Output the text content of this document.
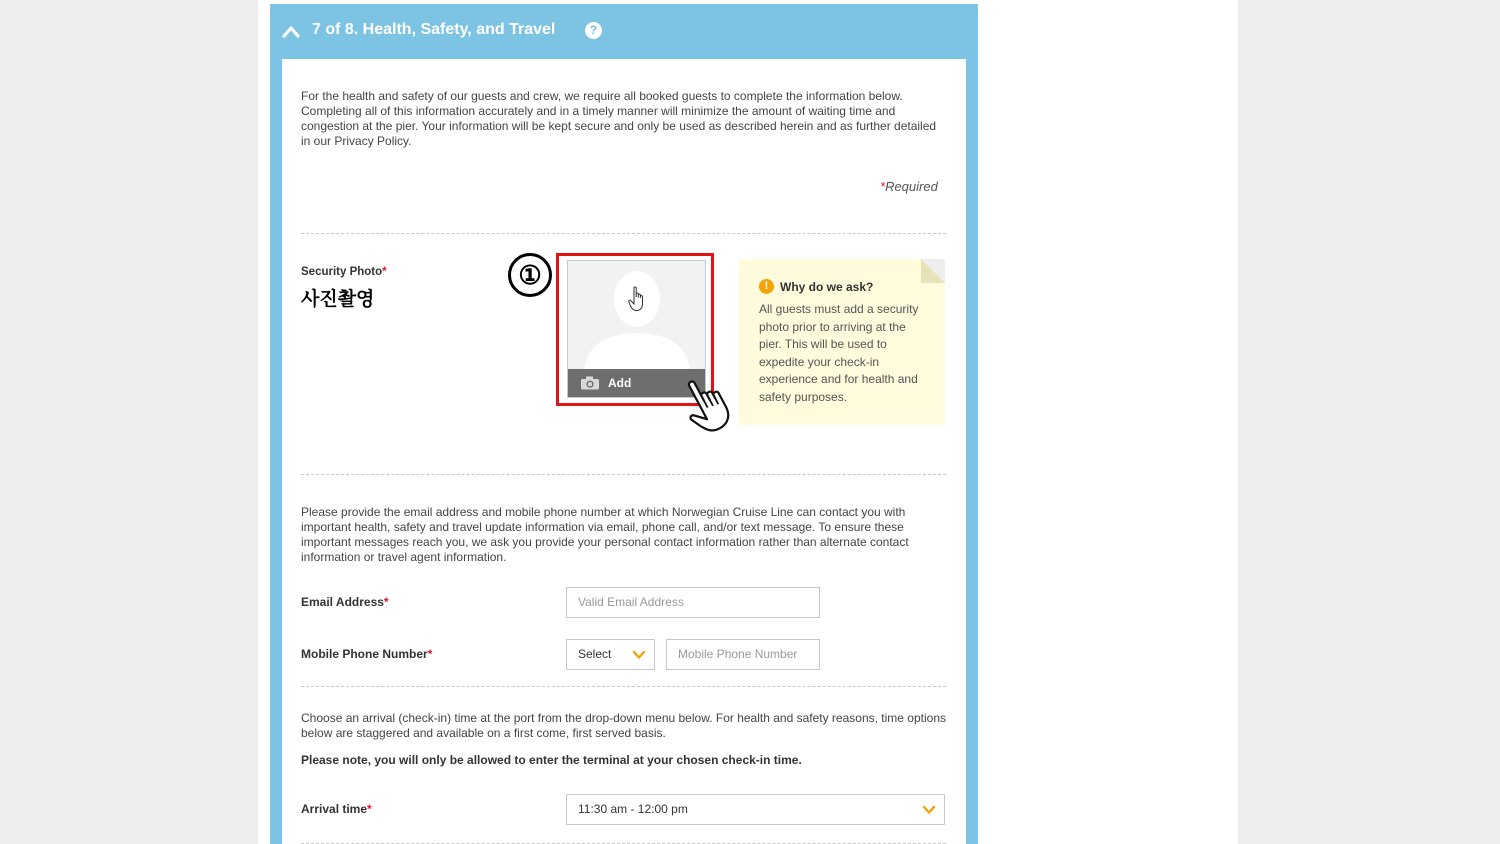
7 of 8. Health, Safety, and Travel	?
For the health and safety of our guests and crew, we require all booked guests to complete the information below. Completing all of this information accurately and in a timely manner will minimize the amount of waiting time and congestion at the pier. Your information will be kept secure and only be used as described herein and as further detailed in our Privacy Policy.
*Required
Security Photo*
사진촬영
①
Add
! Why do we ask?
All guests must add a security photo prior to arriving at the pier. This will be used to expedite your check-in experience and for health and safety purposes.
Please provide the email address and mobile phone number at which Norwegian Cruise Line can contact you with important health, safety and travel update information via email, phone call, and/or text message. To ensure these important messages reach you, we ask you provide your personal contact information rather than alternate contact information or travel agent information.
Email Address*	Valid Email Address
Mobile Phone Number*	Select	Mobile Phone Number
Choose an arrival (check-in) time at the port from the drop-down menu below. For health and safety reasons, time options below are staggered and available on a first come, first served basis.
Please note, you will only be allowed to enter the terminal at your chosen check-in time.
Arrival time*	11:30 am - 12:00 pm
